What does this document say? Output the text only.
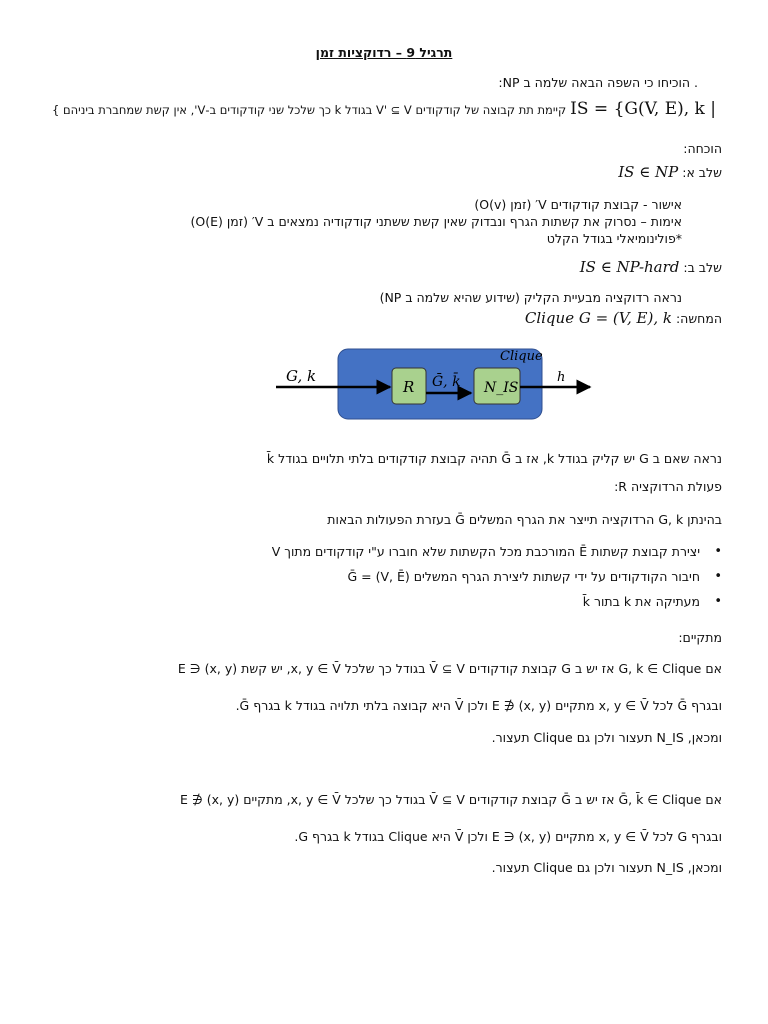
תרגיל 9 – רדוקציות זמן
. הוכיחו כי השפה הבאה שלמה ב NP:
IS = {G(V, E), k | קיימת תת קבוצה של קודקודים V' ⊆ V בגודל k כך שלכל שני קודקודים ב-V', אין קשת שמחברת ביניהם }
הוכחה:
שלב א: IS ∈ NP
אישור - קבוצת קודקודים V′ (זמן O(v))
אימות – נסרוק את קשתות הגרף ונבדוק שאין קשת ששתני קודקודיה נמצאים ב V′ (זמן O(E))
*פולינומיאלי בגודל הקלט
שלב ב: IS ∈ NP-hard
נראה רדוקציה מבעיית הקליק (שידוע שהיא שלמה ב NP)
המחשה: Clique G = (V, E), k
Clique
G, k
R Ḡ, k̄ N_IS
h
נראה שאם ב G יש קליק בגודל k, אז ב Ḡ תהיה קבוצת קודקודים בלתי תלויים בגודל k̄
פעולת הרדוקציה R:
בהינתן G, k הרדוקציה תייצר את הגרף המשלים Ḡ בעזרת הפעולות הבאות
• יצירת קבוצת קשתות Ē המורכבת מכל הקשתות שלא חוברו ע"י קודקודים מתוך V
• חיבור הקודקודים על ידי קשתות ליצירת הגרף המשלים Ḡ = (V, Ē)
• מעתיקה את k בתור k̄
מתקיים:
אם G, k ∈ Clique אז יש ב G קבוצת קודקודים V̄ ⊆ V בגודל כך שלכל x, y ∈ V̄, יש קשת (x, y) ∈ E
ובגרף Ḡ לכל x, y ∈ V̄ מתקיים (x, y) ∉ E ולכן V̄ היא קבוצה בלתי תלויה בגודל k בגרף Ḡ.
ומכאן, N_IS תעצור ולכן גם Clique תעצור.
אם Ḡ, k̄ ∈ Clique אז יש ב Ḡ קבוצת קודקודים V̄ ⊆ V בגודל כך שלכל x, y ∈ V̄, מתקיים (x, y) ∉ E
ובגרף G לכל x, y ∈ V̄ מתקיים (x, y) ∈ E ולכן V̄ היא Clique בגודל k בגרף G.
ומכאן, N_IS תעצור ולכן גם Clique תעצור.
